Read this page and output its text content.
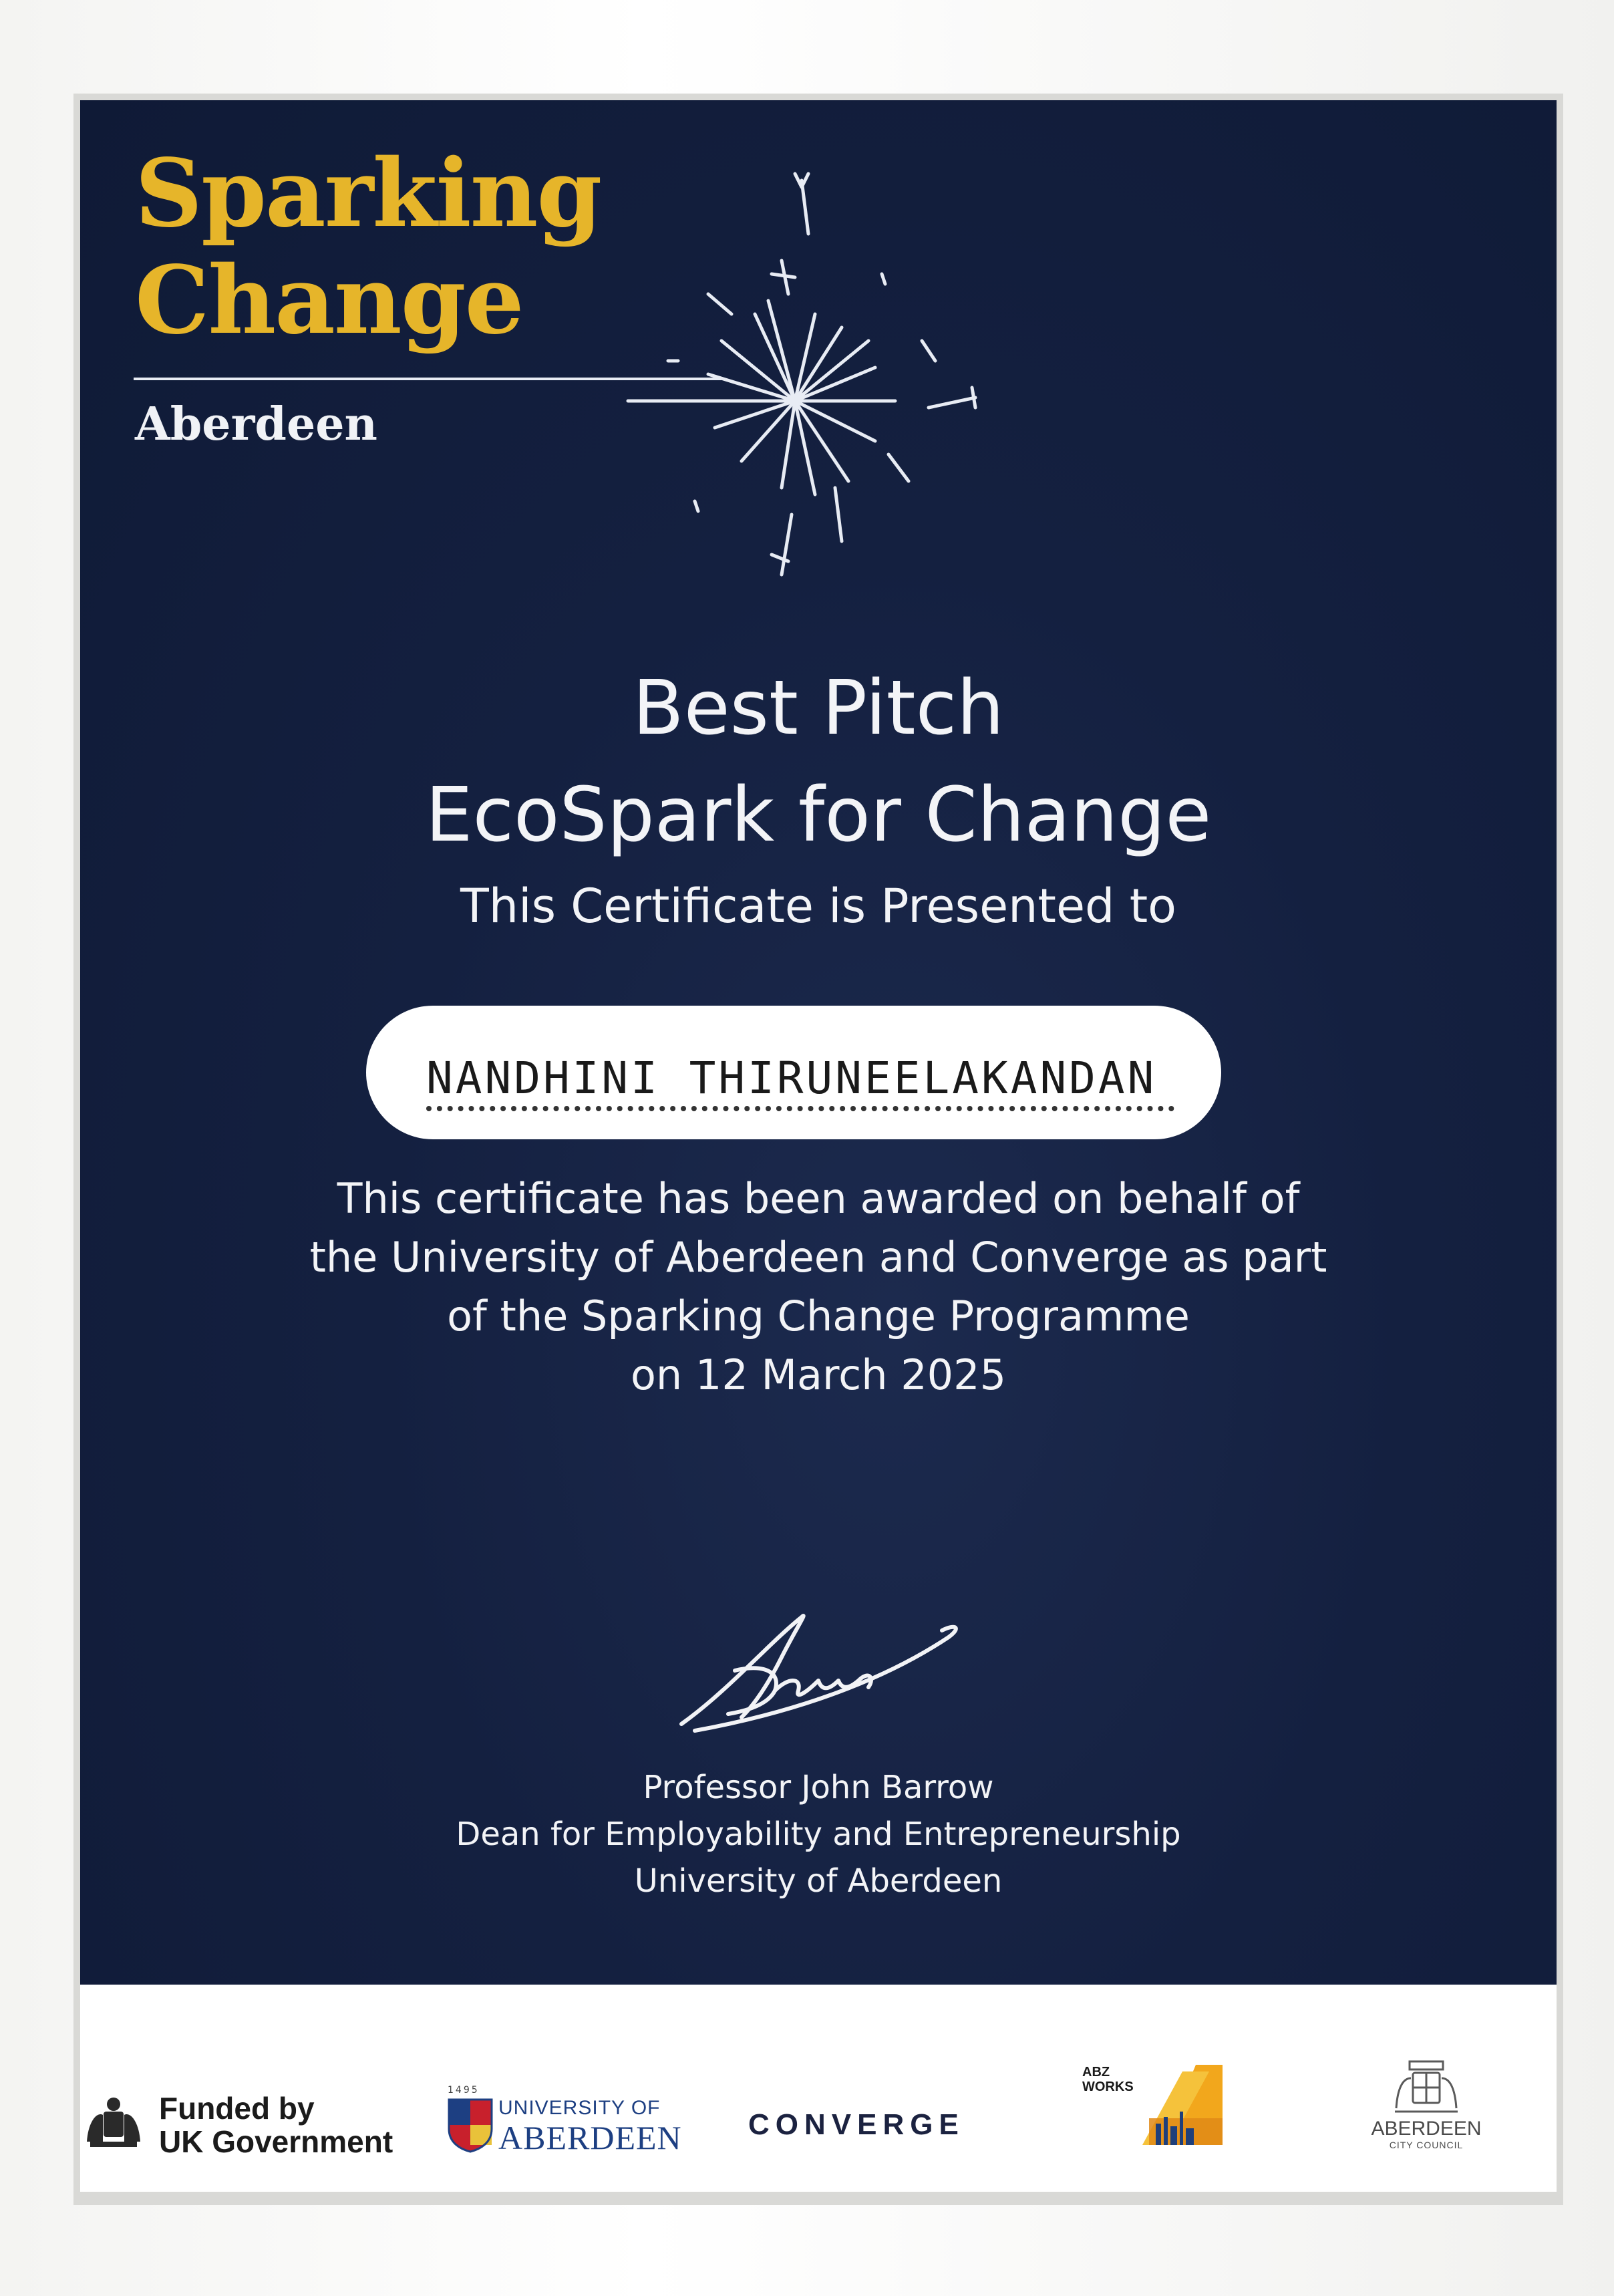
Sparking
Change
Aberdeen
Best Pitch
EcoSpark for Change
This Certificate is Presented to
NANDHINI THIRUNEELAKANDAN
This certificate has been awarded on behalf of
the University of Aberdeen and Converge as part
of the Sparking Change Programme
on 12 March 2025
Professor John Barrow
Dean for Employability and Entrepreneurship
University of Aberdeen
Funded by
UK Government
1495
UNIVERSITY OF
ABERDEEN CONVERGE
ABZ
WORKS
ABERDEEN
CITY COUNCIL
